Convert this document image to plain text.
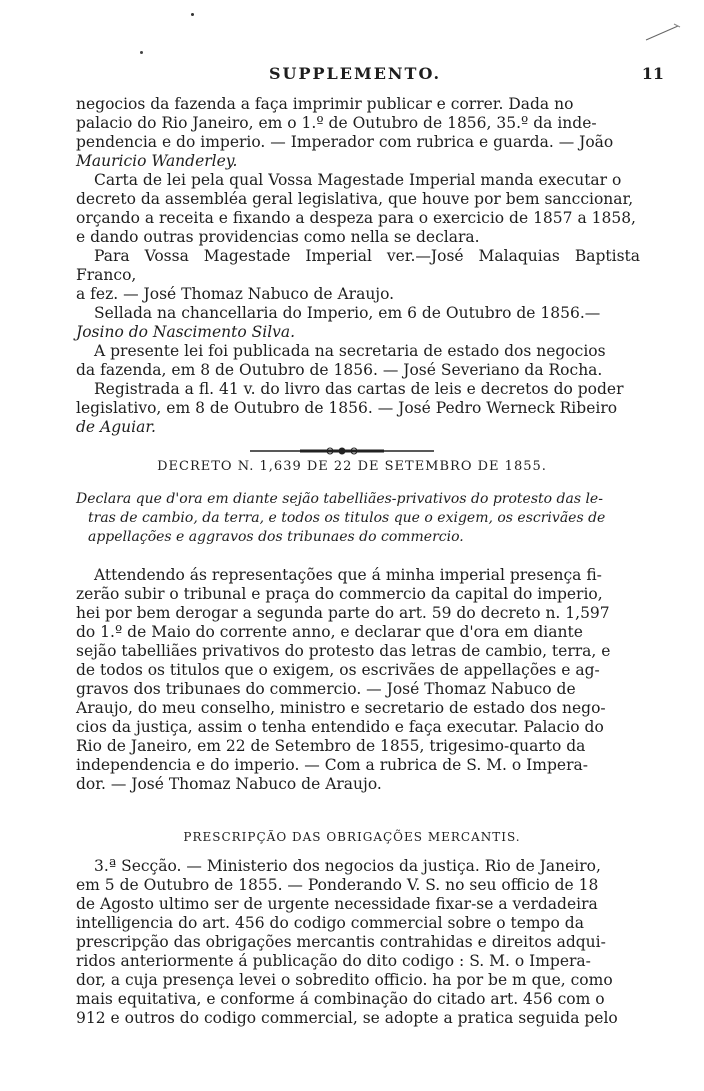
SUPPLEMENTO.	11
negocios da fazenda a faça imprimir publicar e correr. Dada no
palacio do Rio Janeiro, em o 1.º de Outubro de 1856, 35.º da inde-
pendencia e do imperio. — Imperador com rubrica e guarda. — João
Mauricio Wanderley.
Carta de lei pela qual Vossa Magestade Imperial manda executar o
decreto da assembléa geral legislativa, que houve por bem sanccionar,
orçando a receita e fixando a despeza para o exercicio de 1857 a 1858,
e dando outras providencias como nella se declara.
Para Vossa Magestade Imperial ver.—José Malaquias Baptista Franco,
a fez. — José Thomaz Nabuco de Araujo.
Sellada na chancellaria do Imperio, em 6 de Outubro de 1856.—
Josino do Nascimento Silva.
A presente lei foi publicada na secretaria de estado dos negocios
da fazenda, em 8 de Outubro de 1856. — José Severiano da Rocha.
Registrada a fl. 41 v. do livro das cartas de leis e decretos do poder
legislativo, em 8 de Outubro de 1856. — José Pedro Werneck Ribeiro
de Aguiar.
DECRETO N. 1,639 DE 22 DE SETEMBRO DE 1855.
Declara que d'ora em diante sejão tabelliães-privativos do protesto das le-
tras de cambio, da terra, e todos os titulos que o exigem, os escrivães de
appellações e aggravos dos tribunaes do commercio.
Attendendo ás representações que á minha imperial presença fi-
zerão subir o tribunal e praça do commercio da capital do imperio,
hei por bem derogar a segunda parte do art. 59 do decreto n. 1,597
do 1.º de Maio do corrente anno, e declarar que d'ora em diante
sejão tabelliães privativos do protesto das letras de cambio, terra, e
de todos os titulos que o exigem, os escrivães de appellações e ag-
gravos dos tribunaes do commercio. — José Thomaz Nabuco de
Araujo, do meu conselho, ministro e secretario de estado dos nego-
cios da justiça, assim o tenha entendido e faça executar. Palacio do
Rio de Janeiro, em 22 de Setembro de 1855, trigesimo-quarto da
independencia e do imperio. — Com a rubrica de S. M. o Impera-
dor. — José Thomaz Nabuco de Araujo.
PRESCRIPÇÃO DAS OBRIGAÇÕES MERCANTIS.
3.ª Secção. — Ministerio dos negocios da justiça. Rio de Janeiro,
em 5 de Outubro de 1855. — Ponderando V. S. no seu officio de 18
de Agosto ultimo ser de urgente necessidade fixar-se a verdadeira
intelligencia do art. 456 do codigo commercial sobre o tempo da
prescripção das obrigações mercantis contrahidas e direitos adqui-
ridos anteriormente á publicação do dito codigo : S. M. o Impera-
dor, a cuja presença levei o sobredito officio. ha por be m que, como
mais equitativa, e conforme á combinação do citado art. 456 com o
912 e outros do codigo commercial, se adopte a pratica seguida pelo
